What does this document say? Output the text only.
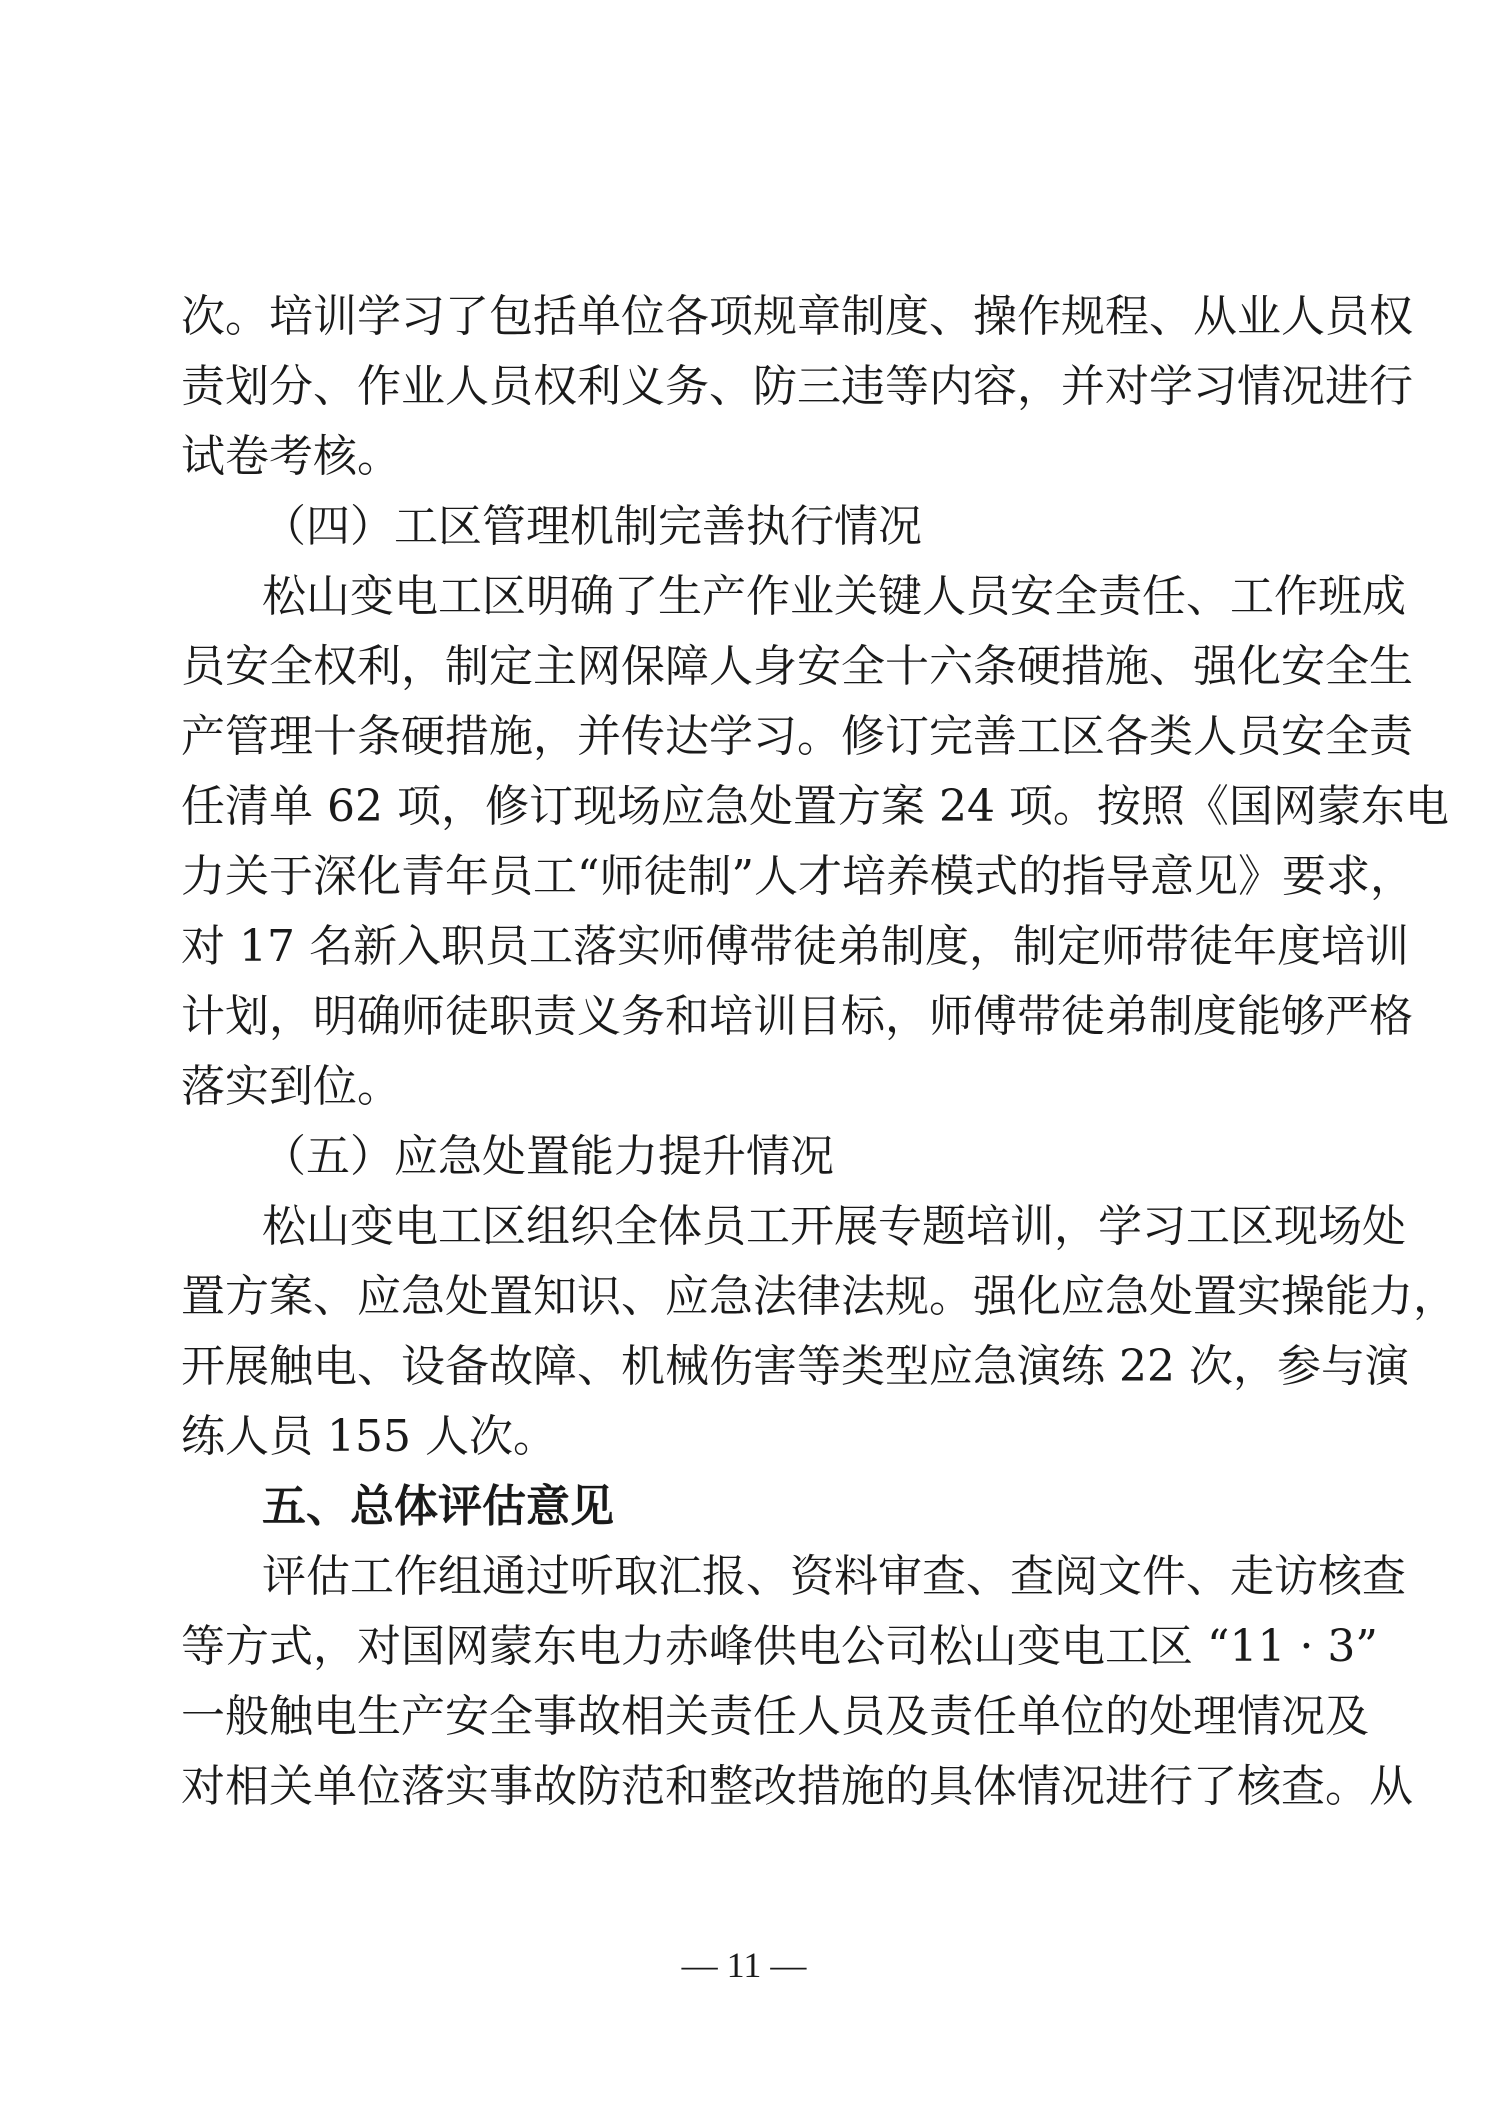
次。培训学习了包括单位各项规章制度、操作规程、从业人员权
责划分、作业人员权利义务、防三违等内容，并对学习情况进行
试卷考核。
（四）工区管理机制完善执行情况
松山变电工区明确了生产作业关键人员安全责任、工作班成
员安全权利，制定主网保障人身安全十六条硬措施、强化安全生
产管理十条硬措施，并传达学习。修订完善工区各类人员安全责
任清单 62 项，修订现场应急处置方案 24 项。按照《国网蒙东电
力关于深化青年员工“师徒制”人才培养模式的指导意见》要求，
对 17 名新入职员工落实师傅带徒弟制度，制定师带徒年度培训
计划，明确师徒职责义务和培训目标，师傅带徒弟制度能够严格
落实到位。
（五）应急处置能力提升情况
松山变电工区组织全体员工开展专题培训，学习工区现场处
置方案、应急处置知识、应急法律法规。强化应急处置实操能力，
开展触电、设备故障、机械伤害等类型应急演练 22 次，参与演
练人员 155 人次。
五、总体评估意见
评估工作组通过听取汇报、资料审查、查阅文件、走访核查
等方式，对国网蒙东电力赤峰供电公司松山变电工区 “11 · 3”
一般触电生产安全事故相关责任人员及责任单位的处理情况及
对相关单位落实事故防范和整改措施的具体情况进行了核查。从
— 11 —
